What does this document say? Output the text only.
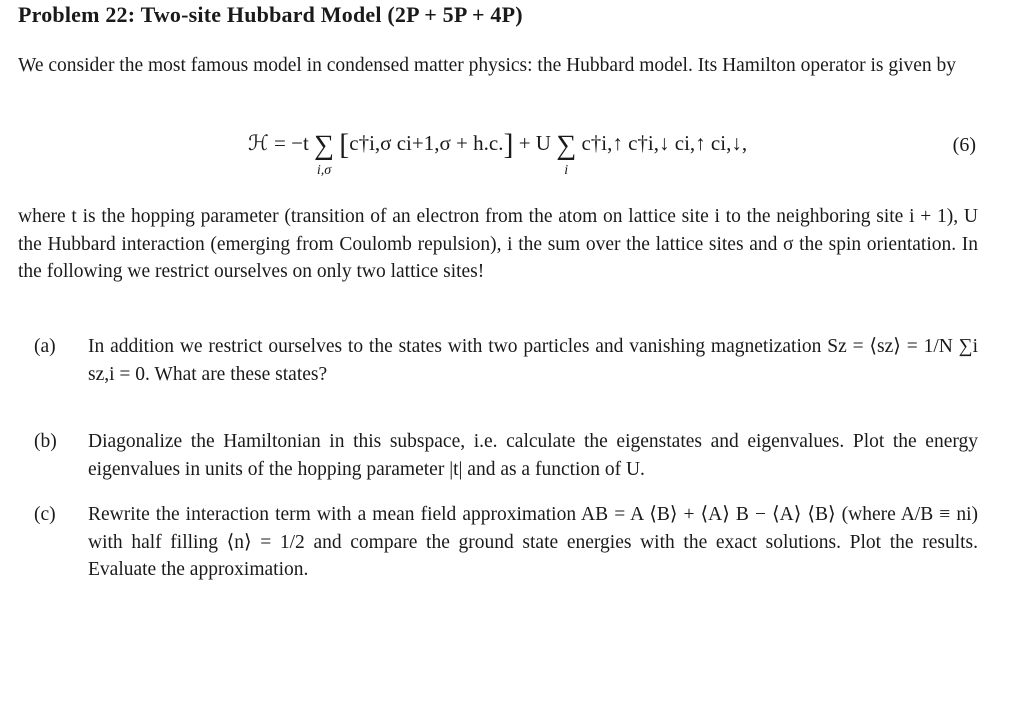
Problem 22: Two-site Hubbard Model (2P + 5P + 4P)
We consider the most famous model in condensed matter physics: the Hubbard model. Its Hamilton operator is given by
ℋ = −t ∑
i,σ
[c†i,σ ci+1,σ + h.c.] + U ∑
i
c†i,↑ c†i,↓ ci,↑ ci,↓,	(6)
where t is the hopping parameter (transition of an electron from the atom on lattice site i to the neighboring site i + 1), U the Hubbard interaction (emerging from Coulomb repulsion), i the sum over the lattice sites and σ the spin orientation. In the following we restrict ourselves on only two lattice sites!
(a) In addition we restrict ourselves to the states with two particles and vanishing magnetization Sz = ⟨sz⟩ = 1/N ∑i sz,i = 0. What are these states?
(b) Diagonalize the Hamiltonian in this subspace, i.e. calculate the eigenstates and eigenvalues. Plot the energy eigenvalues in units of the hopping parameter |t| and as a function of U.
(c) Rewrite the interaction term with a mean field approximation AB = A ⟨B⟩ + ⟨A⟩ B − ⟨A⟩ ⟨B⟩ (where A/B ≡ ni) with half filling ⟨n⟩ = 1/2 and compare the ground state energies with the exact solutions. Plot the results. Evaluate the approximation.
